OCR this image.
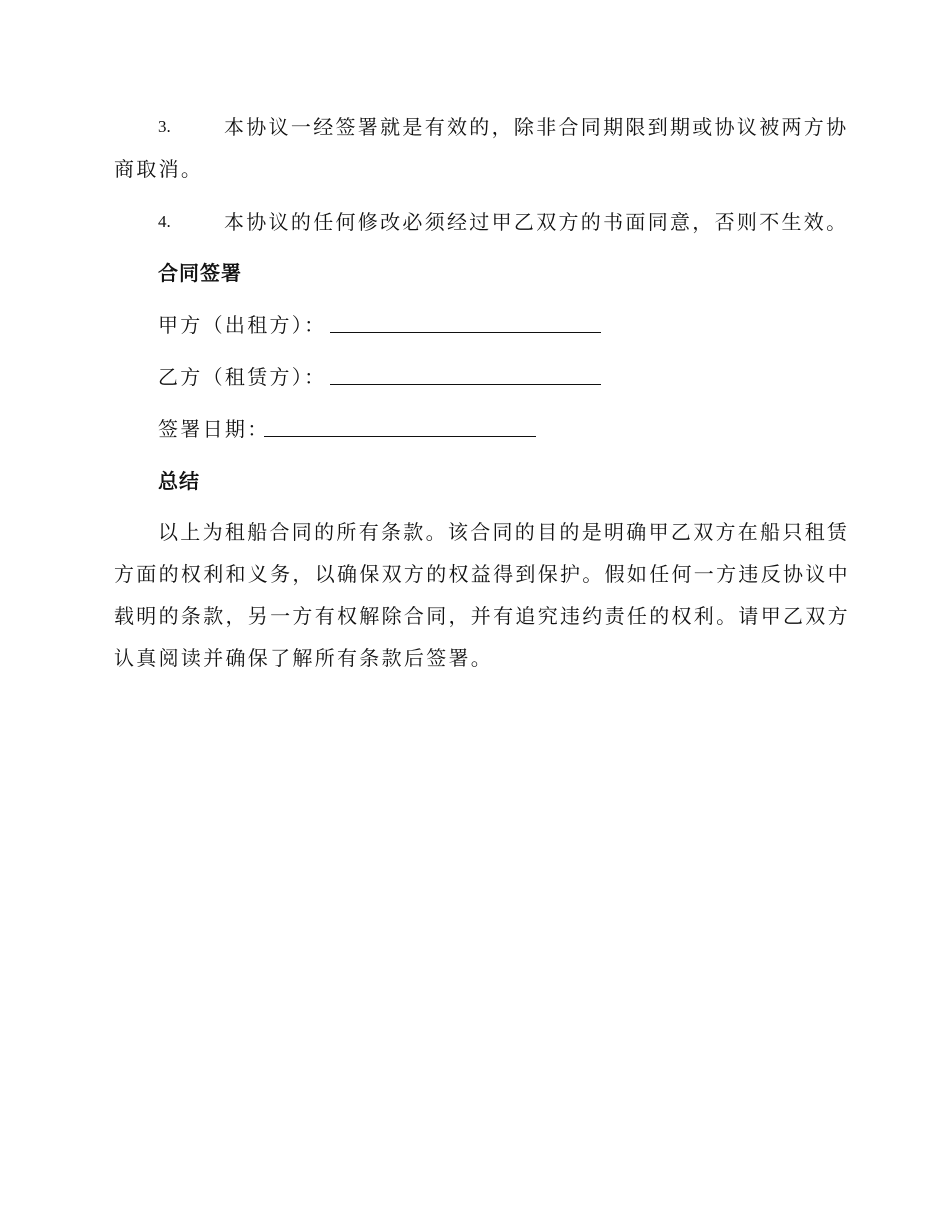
3.	本协议一经签署就是有效的，除非合同期限到期或协议被两方协
商取消。
4.	本协议的任何修改必须经过甲乙双方的书面同意，否则不生效。
合同签署
甲方（出租方）：
乙方（租赁方）：
签署日期：
总结
以上为租船合同的所有条款。该合同的目的是明确甲乙双方在船只租赁
方面的权利和义务，以确保双方的权益得到保护。假如任何一方违反协议中
载明的条款，另一方有权解除合同，并有追究违约责任的权利。请甲乙双方
认真阅读并确保了解所有条款后签署。
